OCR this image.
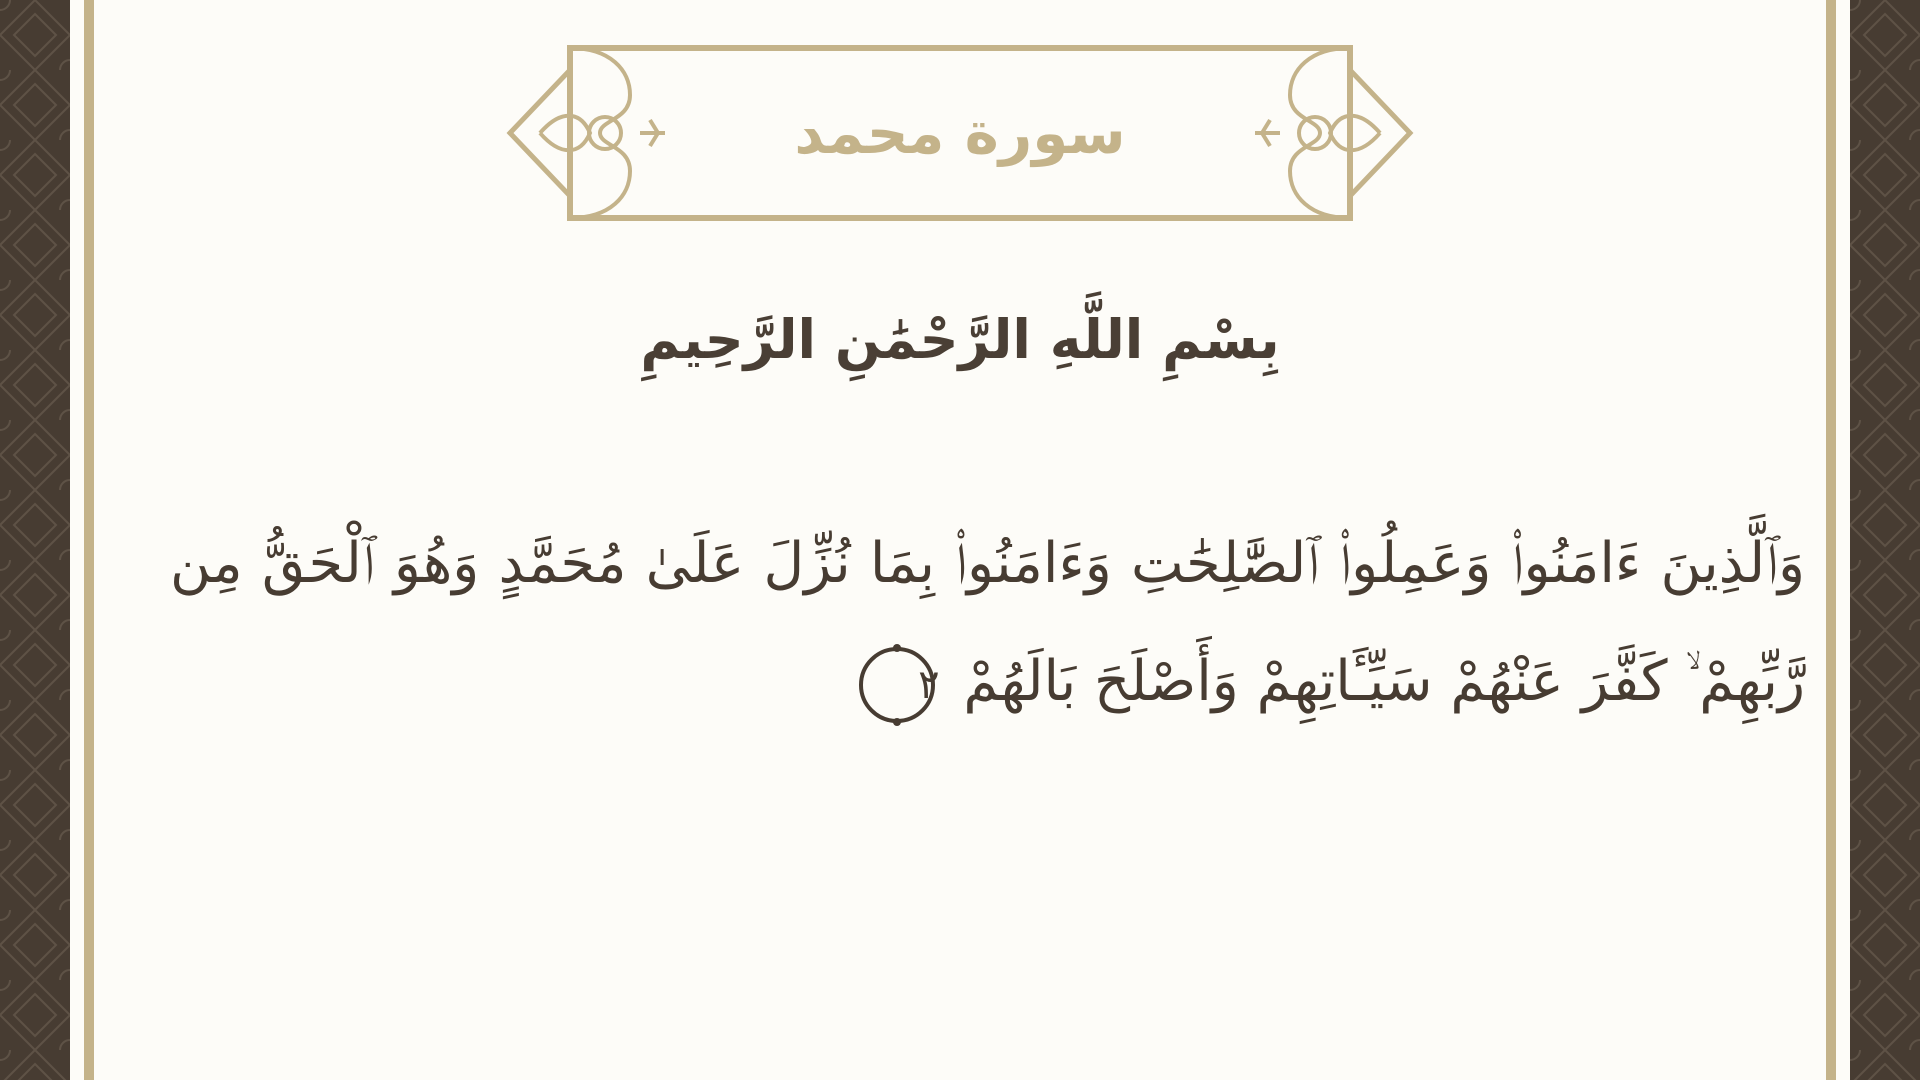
سورة محمد
بِسْمِ اللَّهِ الرَّحْمَٰنِ الرَّحِيمِ
وَٱلَّذِينَ ءَامَنُوا۟ وَعَمِلُوا۟ ٱلصَّٰلِحَٰتِ وَءَامَنُوا۟ بِمَا نُزِّلَ عَلَىٰ مُحَمَّدٍ وَهُوَ ٱلْحَقُّ مِن رَّبِّهِمْ ۙ كَفَّرَ عَنْهُمْ سَيِّـَٔاتِهِمْ وَأَصْلَحَ بَالَهُمْ
٢
